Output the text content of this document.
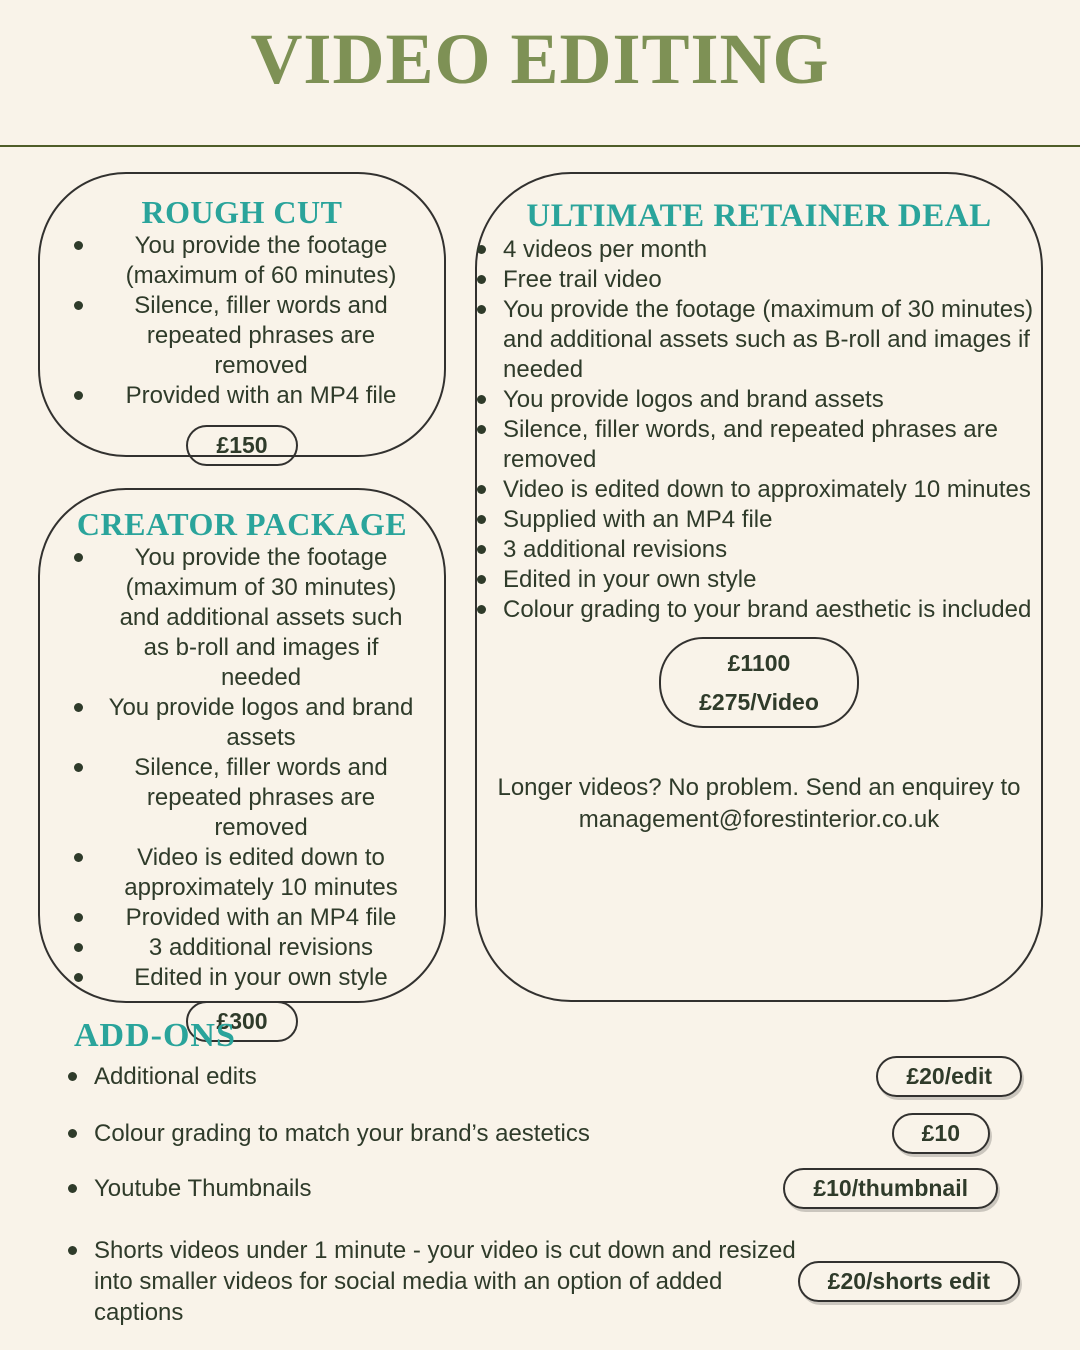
VIDEO EDITING
ROUGH CUT
You provide the footage (maximum of 60 minutes)
Silence, filler words and repeated phrases are removed
Provided with an MP4 file
£150
CREATOR PACKAGE
You provide the footage (maximum of 30 minutes) and additional assets such as b-roll and images if needed
You provide logos and brand assets
Silence, filler words and repeated phrases are removed
Video is edited down to approximately 10 minutes
Provided with an MP4 file
3 additional revisions
Edited in your own style
£300
ULTIMATE RETAINER DEAL
4 videos per month
Free trail video
You provide the footage (maximum of 30 minutes) and additional assets such as B-roll and images if needed
You provide logos and brand assets
Silence, filler words, and repeated phrases are removed
Video is edited down to approximately 10 minutes
Supplied with an MP4 file
3 additional revisions
Edited in your own style
Colour grading to your brand aesthetic is included
£1100
£275/Video

Longer videos? No problem. Send an enquirey to management@forestinterior.co.uk

ADD-ONS
Additional edits	£20/edit
Colour grading to match your brand’s aestetics	£10
Youtube Thumbnails	£10/thumbnail
Shorts videos under 1 minute - your video is cut down and resized into smaller videos for social media with an option of added captions
£20/shorts edit
